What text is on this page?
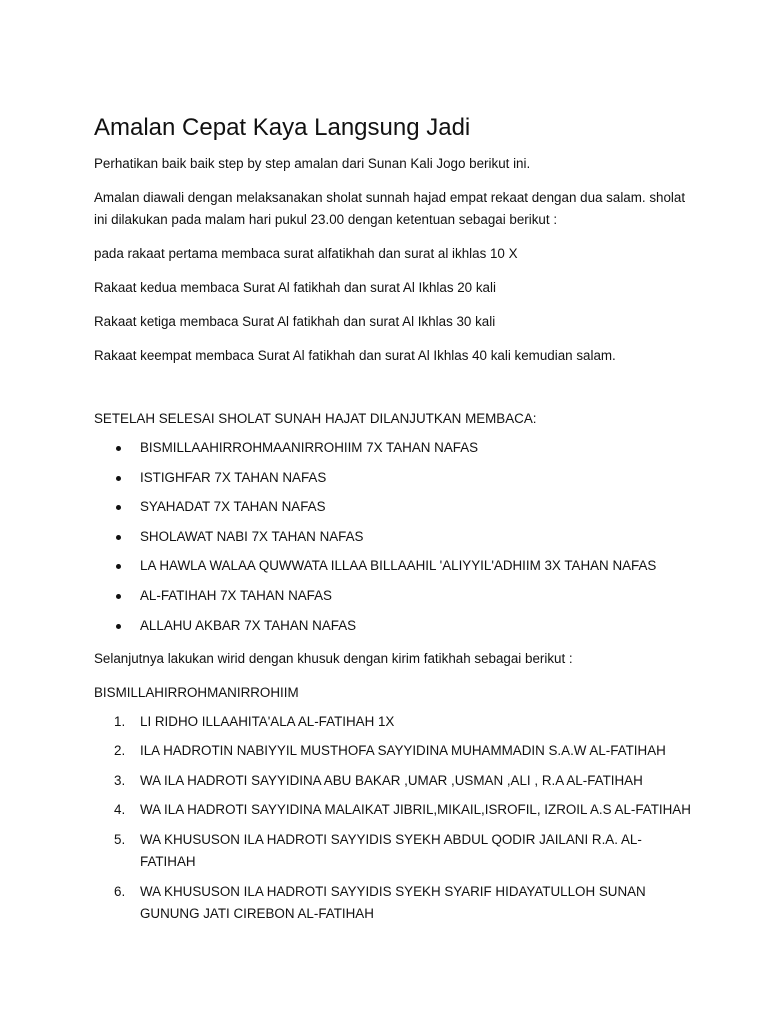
Amalan Cepat Kaya Langsung Jadi

Perhatikan baik baik step by step amalan dari Sunan Kali Jogo berikut ini.

Amalan diawali dengan melaksanakan sholat sunnah hajad empat rekaat dengan dua salam. sholat ini dilakukan pada malam hari pukul 23.00 dengan ketentuan sebagai berikut :

pada rakaat pertama membaca surat alfatikhah dan surat al ikhlas 10 X

Rakaat kedua membaca Surat Al fatikhah dan surat Al Ikhlas 20 kali

Rakaat ketiga membaca Surat Al fatikhah dan surat Al Ikhlas 30 kali

Rakaat keempat membaca Surat Al fatikhah dan surat Al Ikhlas 40 kali kemudian salam.

SETELAH SELESAI SHOLAT SUNAH HAJAT DILANJUTKAN MEMBACA:

BISMILLAAHIRROHMAANIRROHIIM 7X TAHAN NAFAS
ISTIGHFAR 7X TAHAN NAFAS
SYAHADAT 7X TAHAN NAFAS
SHOLAWAT NABI 7X TAHAN NAFAS
LA HAWLA WALAA QUWWATA ILLAA BILLAAHIL 'ALIYYIL'ADHIIM 3X TAHAN NAFAS
AL-FATIHAH 7X TAHAN NAFAS
ALLAHU AKBAR 7X TAHAN NAFAS

Selanjutnya lakukan wirid dengan khusuk dengan kirim fatikhah sebagai berikut :

BISMILLAHIRROHMANIRROHIIM

1. LI RIDHO ILLAAHITA'ALA AL-FATIHAH 1X
2. ILA HADROTIN NABIYYIL MUSTHOFA SAYYIDINA MUHAMMADIN S.A.W AL-FATIHAH
3. WA ILA HADROTI SAYYIDINA ABU BAKAR ,UMAR ,USMAN ,ALI , R.A AL-FATIHAH
4. WA ILA HADROTI SAYYIDINA MALAIKAT JIBRIL,MIKAIL,ISROFIL, IZROIL A.S AL-FATIHAH
5. WA KHUSUSON ILA HADROTI SAYYIDIS SYEKH ABDUL QODIR JAILANI R.A. AL-FATIHAH
6. WA KHUSUSON ILA HADROTI SAYYIDIS SYEKH SYARIF HIDAYATULLOH SUNAN GUNUNG JATI CIREBON AL-FATIHAH
